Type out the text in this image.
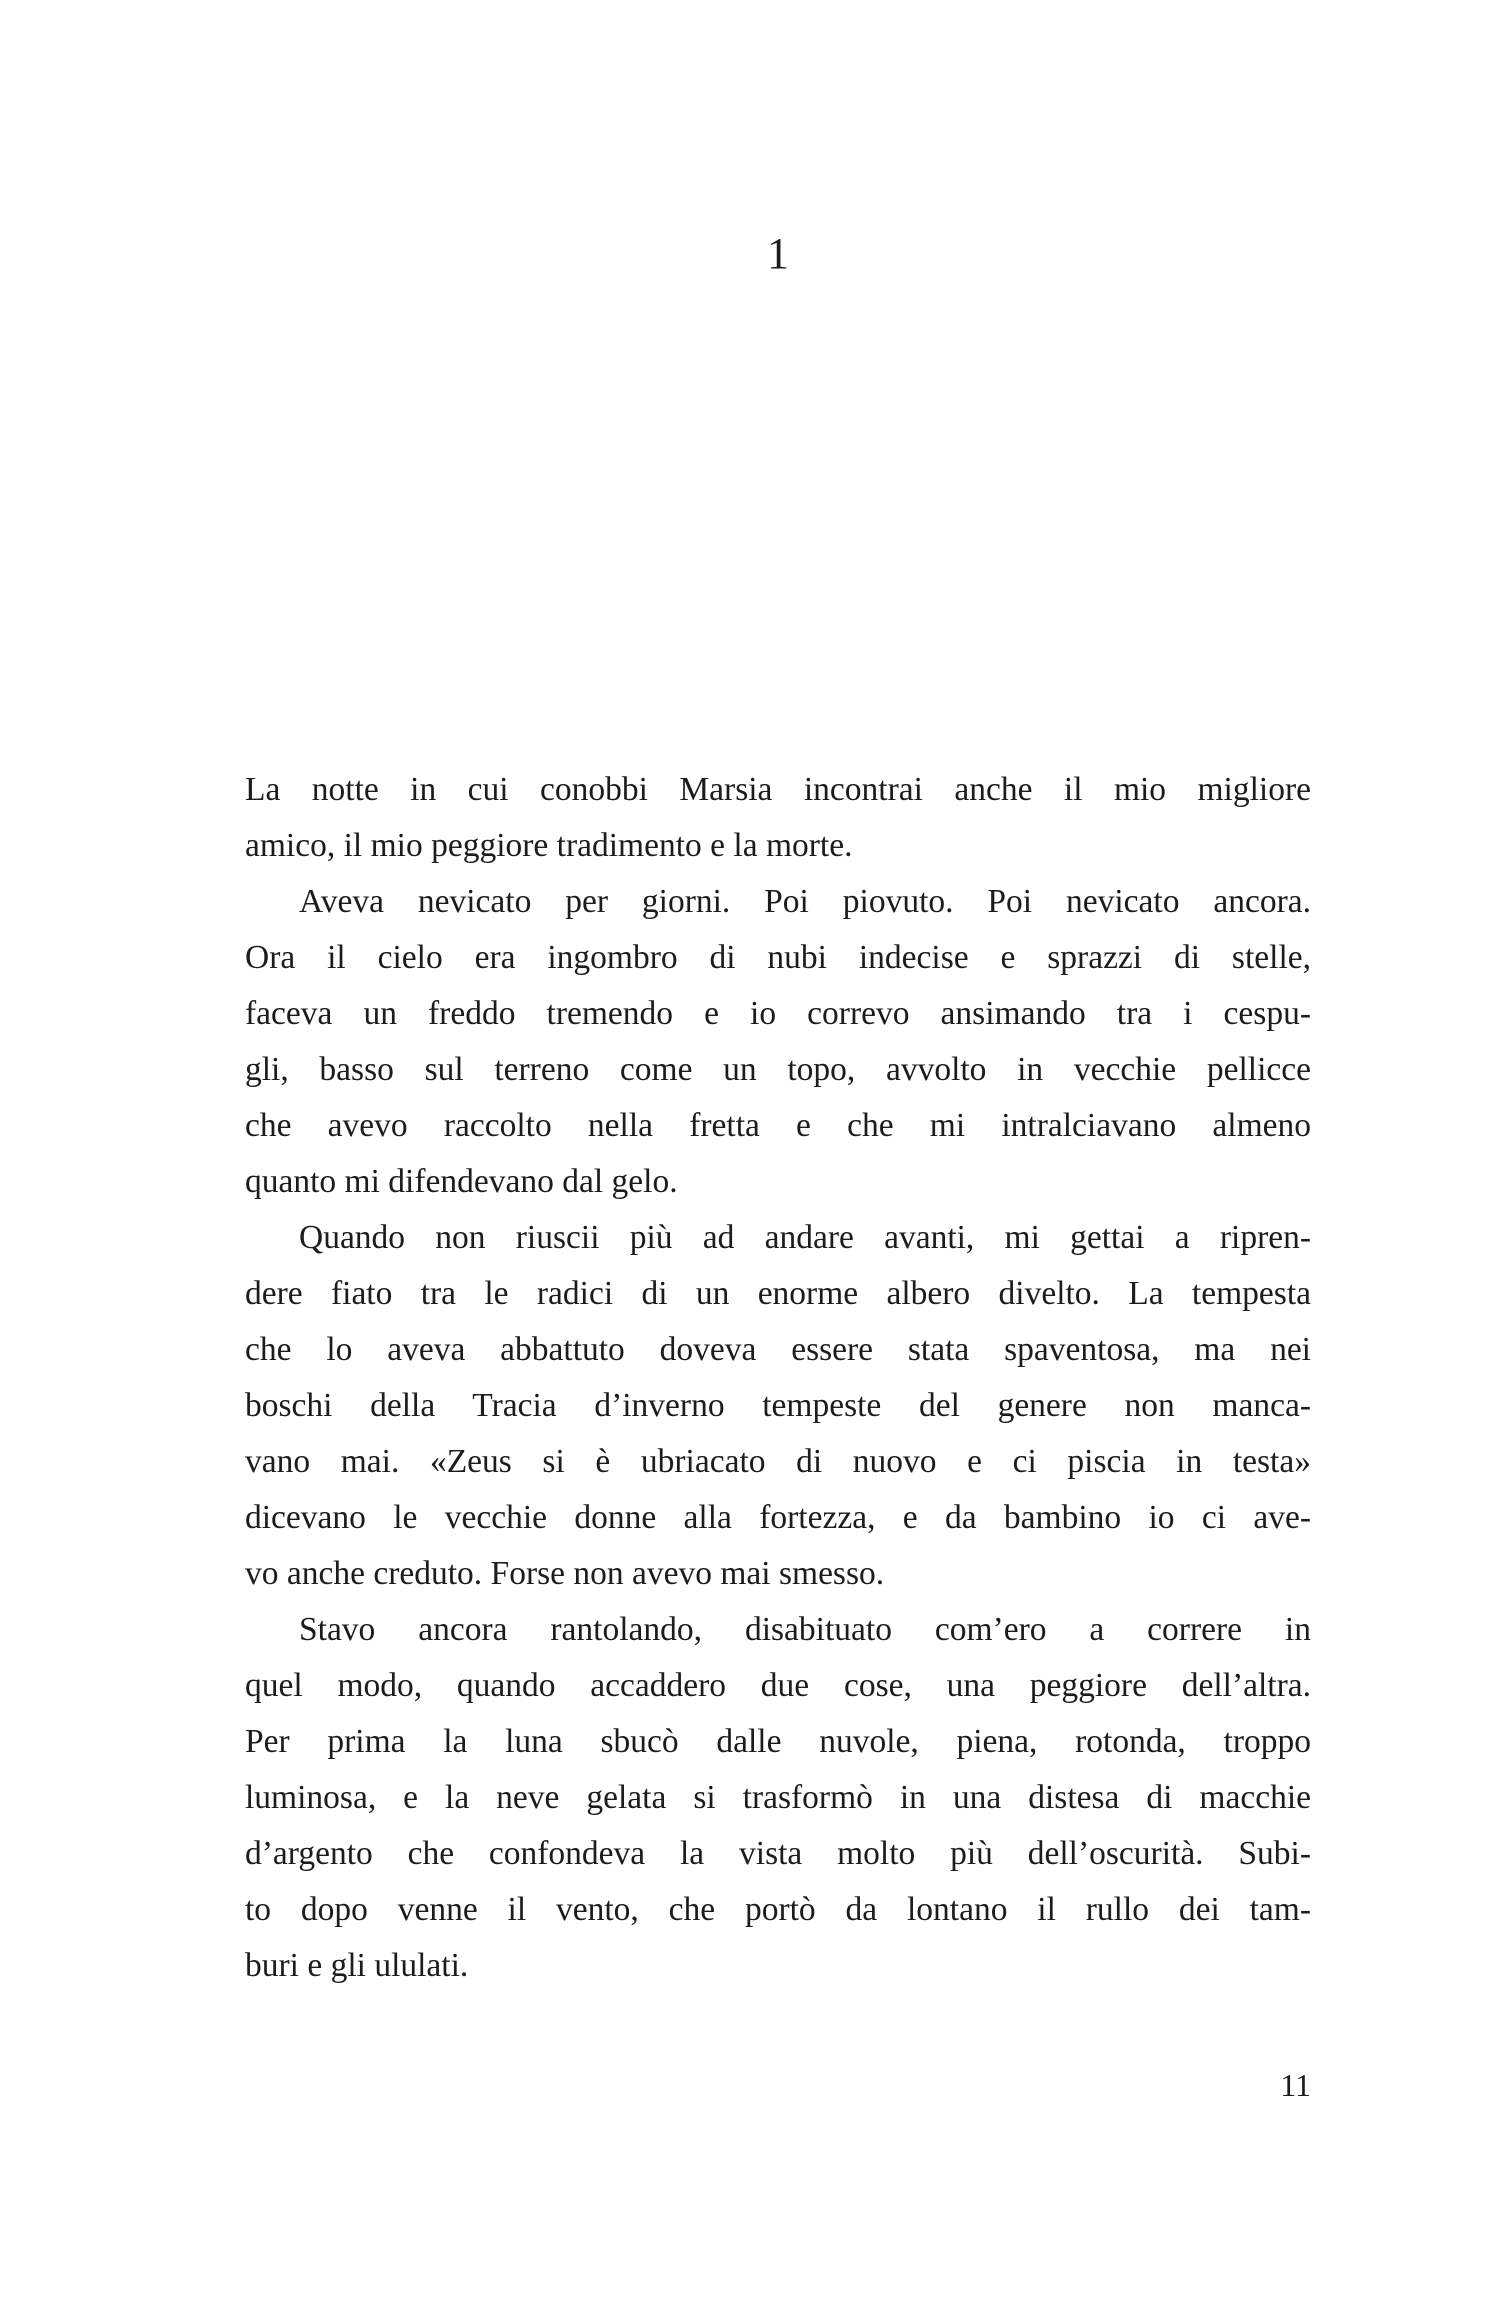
1
La notte in cui conobbi Marsia incontrai anche il mio migliore
amico, il mio peggiore tradimento e la morte.
Aveva nevicato per giorni. Poi piovuto. Poi nevicato ancora.
Ora il cielo era ingombro di nubi indecise e sprazzi di stelle,
faceva un freddo tremendo e io correvo ansimando tra i cespu-
gli, basso sul terreno come un topo, avvolto in vecchie pellicce
che avevo raccolto nella fretta e che mi intralciavano almeno
quanto mi difendevano dal gelo.
Quando non riuscii più ad andare avanti, mi gettai a ripren-
dere fiato tra le radici di un enorme albero divelto. La tempesta
che lo aveva abbattuto doveva essere stata spaventosa, ma nei
boschi della Tracia d’inverno tempeste del genere non manca-
vano mai. «Zeus si è ubriacato di nuovo e ci piscia in testa»
dicevano le vecchie donne alla fortezza, e da bambino io ci ave-
vo anche creduto. Forse non avevo mai smesso.
Stavo ancora rantolando, disabituato com’ero a correre in
quel modo, quando accaddero due cose, una peggiore dell’altra.
Per prima la luna sbucò dalle nuvole, piena, rotonda, troppo
luminosa, e la neve gelata si trasformò in una distesa di macchie
d’argento che confondeva la vista molto più dell’oscurità. Subi-
to dopo venne il vento, che portò da lontano il rullo dei tam-
buri e gli ululati.
11
